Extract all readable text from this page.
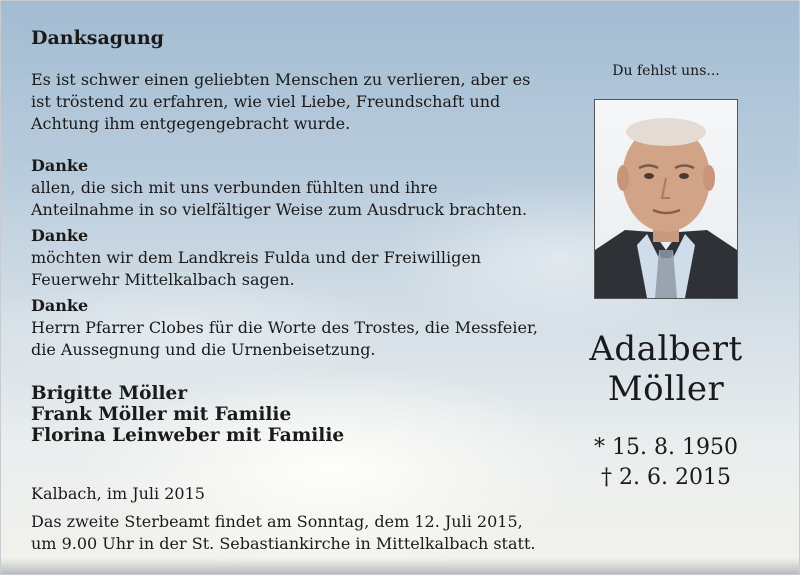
Danksagung
Es ist schwer einen geliebten Menschen zu verlieren, aber es ist tröstend zu erfahren, wie viel Liebe, Freundschaft und Achtung ihm entgegengebracht wurde.
Danke
allen, die sich mit uns verbunden fühlten und ihre Anteilnahme in so vielfältiger Weise zum Ausdruck brachten.
Danke
möchten wir dem Landkreis Fulda und der Freiwilligen Feuerwehr Mittelkalbach sagen.
Danke
Herrn Pfarrer Clobes für die Worte des Trostes, die Messfeier, die Aussegnung und die Urnenbeisetzung.
Brigitte Möller
Frank Möller mit Familie
Florina Leinweber mit Familie
Kalbach, im Juli 2015
Das zweite Sterbeamt findet am Sonntag, dem 12. Juli 2015, um 9.00 Uhr in der St. Sebastiankirche in Mittelkalbach statt.
Du fehlst uns...
Adalbert
Möller
* 15. 8. 1950
† 2. 6. 2015
